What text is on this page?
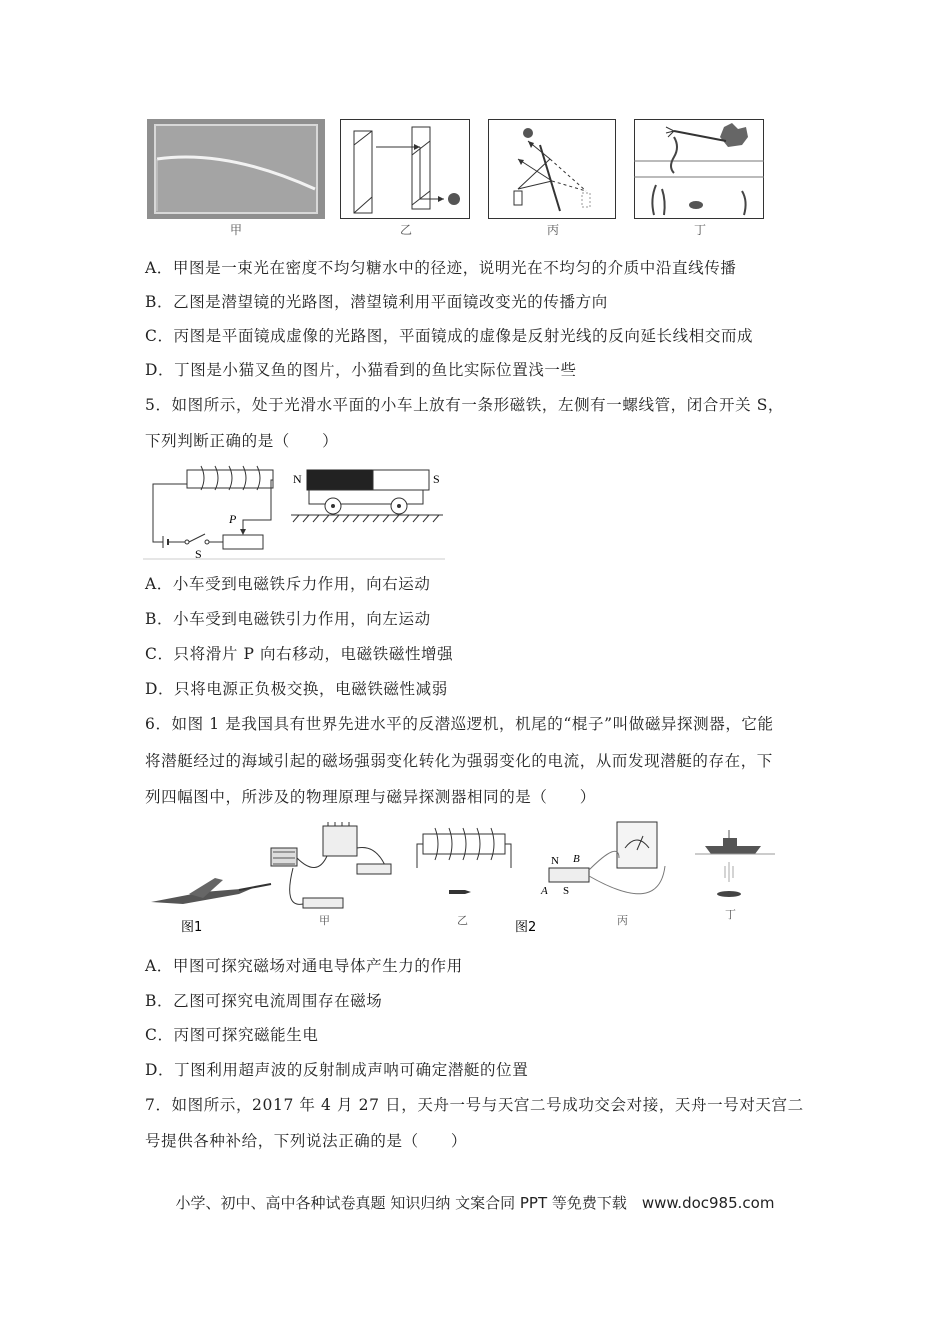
甲	乙	丙	丁
A．甲图是一束光在密度不均匀糖水中的径迹，说明光在不均匀的介质中沿直线传播
B．乙图是潜望镜的光路图，潜望镜利用平面镜改变光的传播方向
C．丙图是平面镜成虚像的光路图，平面镜成的虚像是反射光线的反向延长线相交而成
D．丁图是小猫叉鱼的图片，小猫看到的鱼比实际位置浅一些
5．如图所示，处于光滑水平面的小车上放有一条形磁铁，左侧有一螺线管，闭合开关 S，
下列判断正确的是（　　）
P
S
N	S
A．小车受到电磁铁斥力作用，向右运动
B．小车受到电磁铁引力作用，向左运动
C．只将滑片 P 向右移动，电磁铁磁性增强
D．只将电源正负极交换，电磁铁磁性减弱
6．如图 1 是我国具有世界先进水平的反潜巡逻机，机尾的“棍子”叫做磁异探测器，它能
将潜艇经过的海域引起的磁场强弱变化转化为强弱变化的电流，从而发现潜艇的存在，下
列四幅图中，所涉及的物理原理与磁异探测器相同的是（　　）
图1	甲	乙	图2
N
S
B
A
丙	丁
A．甲图可探究磁场对通电导体产生力的作用
B．乙图可探究电流周围存在磁场
C．丙图可探究磁能生电
D．丁图利用超声波的反射制成声呐可确定潜艇的位置
7．如图所示，2017 年 4 月 27 日，天舟一号与天宫二号成功交会对接，天舟一号对天宫二
号提供各种补给，下列说法正确的是（　　）
小学、初中、高中各种试卷真题 知识归纳 文案合同 PPT 等免费下载　www.doc985.com
